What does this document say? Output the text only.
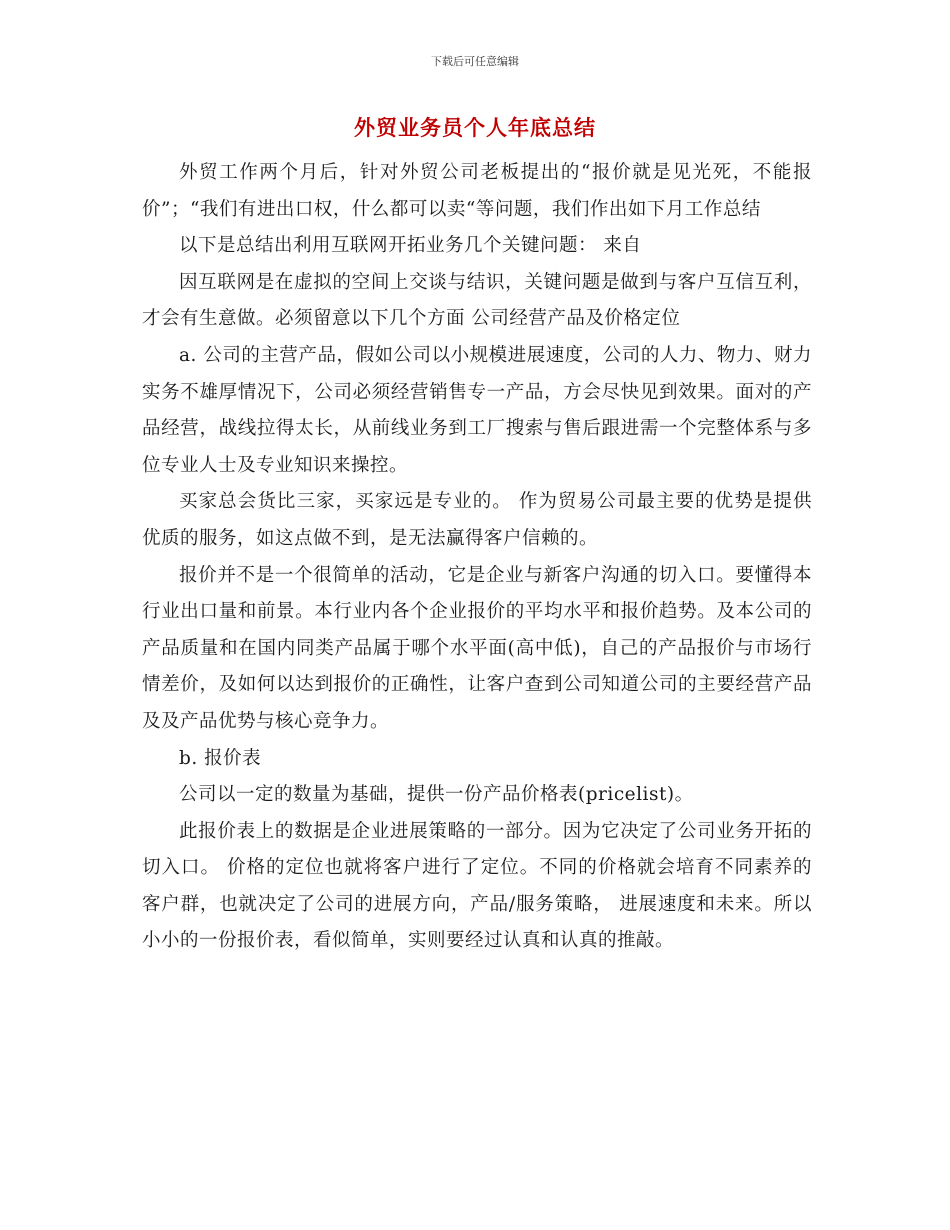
下载后可任意编辑
外贸业务员个人年底总结

外贸工作两个月后，针对外贸公司老板提出的“报价就是见光死，不能报价”；“我们有进出口权，什么都可以卖“等问题，我们作出如下月工作总结

以下是总结出利用互联网开拓业务几个关键问题： 来自

因互联网是在虚拟的空间上交谈与结识，关键问题是做到与客户互信互利，才会有生意做。必须留意以下几个方面 公司经营产品及价格定位

a. 公司的主营产品，假如公司以小规模进展速度，公司的人力、物力、财力实务不雄厚情况下，公司必须经营销售专一产品，方会尽快见到效果。面对的产品经营，战线拉得太长，从前线业务到工厂搜索与售后跟进需一个完整体系与多位专业人士及专业知识来操控。

买家总会货比三家，买家远是专业的。 作为贸易公司最主要的优势是提供优质的服务，如这点做不到，是无法赢得客户信赖的。

报价并不是一个很简单的活动，它是企业与新客户沟通的切入口。要懂得本行业出口量和前景。本行业内各个企业报价的平均水平和报价趋势。及本公司的产品质量和在国内同类产品属于哪个水平面(高中低)，自己的产品报价与市场行情差价，及如何以达到报价的正确性，让客户查到公司知道公司的主要经营产品及及产品优势与核心竞争力。

b. 报价表

公司以一定的数量为基础，提供一份产品价格表(pricelist)。

此报价表上的数据是企业进展策略的一部分。因为它决定了公司业务开拓的切入口。 价格的定位也就将客户进行了定位。不同的价格就会培育不同素养的客户群，也就决定了公司的进展方向，产品/服务策略， 进展速度和未来。所以小小的一份报价表，看似简单，实则要经过认真和认真的推敲。
